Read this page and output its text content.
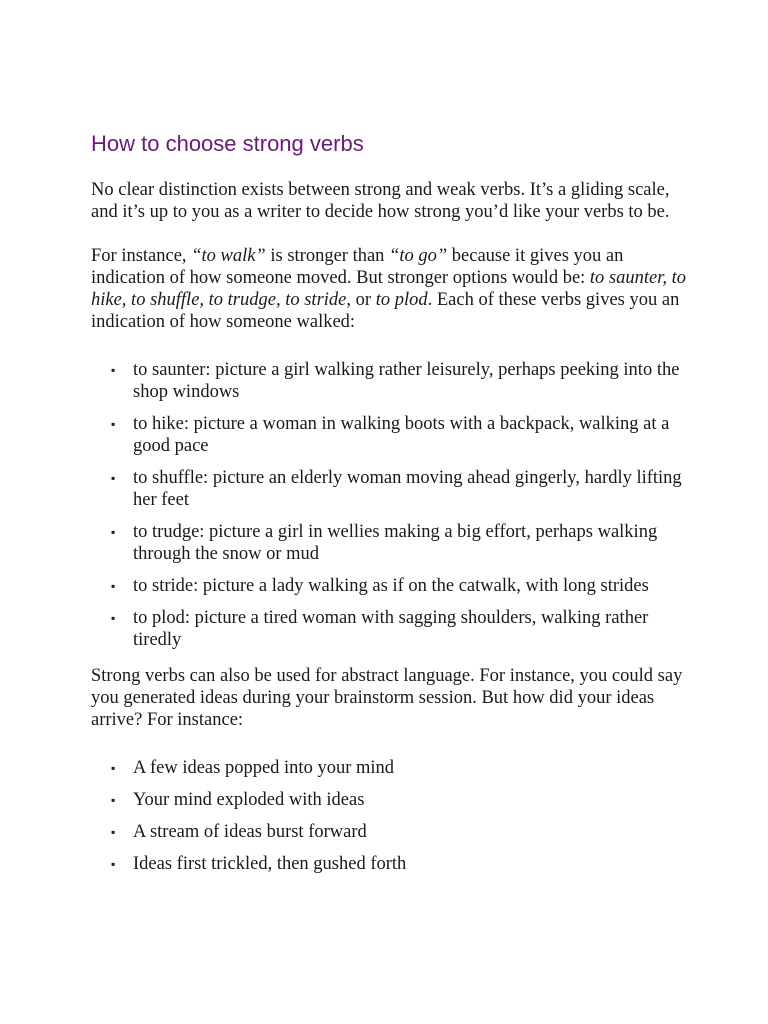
How to choose strong verbs

No clear distinction exists between strong and weak verbs. It’s a gliding scale, and it’s up to you as a writer to decide how strong you’d like your verbs to be.

For instance, “to walk” is stronger than “to go” because it gives you an indication of how someone moved. But stronger options would be: to saunter, to hike, to shuffle, to trudge, to stride, or to plod. Each of these verbs gives you an indication of how someone walked:

▪ to saunter: picture a girl walking rather leisurely, perhaps peeking into the shop windows
▪ to hike: picture a woman in walking boots with a backpack, walking at a good pace
▪ to shuffle: picture an elderly woman moving ahead gingerly, hardly lifting her feet
▪ to trudge: picture a girl in wellies making a big effort, perhaps walking through the snow or mud
▪ to stride: picture a lady walking as if on the catwalk, with long strides
▪ to plod: picture a tired woman with sagging shoulders, walking rather tiredly

Strong verbs can also be used for abstract language. For instance, you could say you generated ideas during your brainstorm session. But how did your ideas arrive? For instance:

▪ A few ideas popped into your mind
▪ Your mind exploded with ideas
▪ A stream of ideas burst forward
▪ Ideas first trickled, then gushed forth
